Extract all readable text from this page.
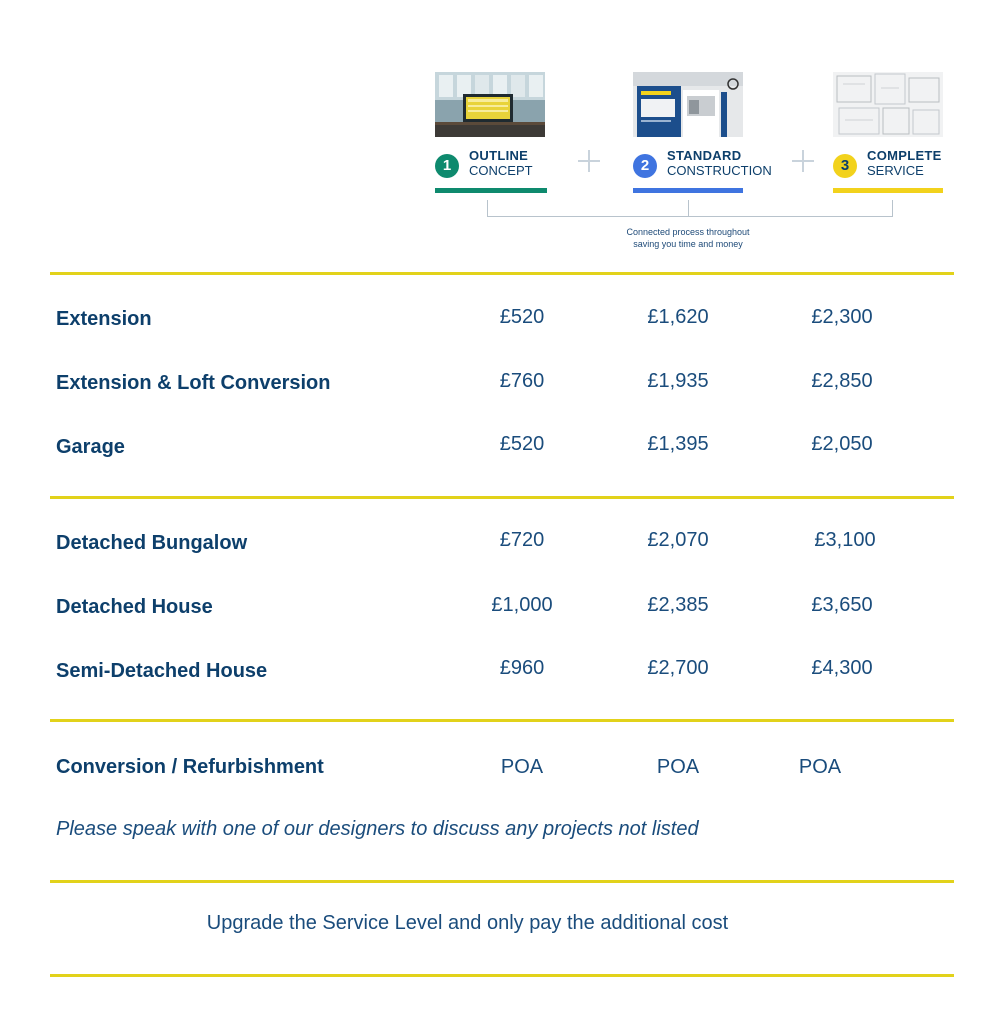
1
OUTLINE
CONCEPT	2
STANDARD
CONSTRUCTION	3
COMPLETE
SERVICE
Connected process throughout
saving you time and money
Extension	£520	£1,620	£2,300
Extension & Loft Conversion	£760	£1,935	£2,850
Garage	£520	£1,395	£2,050
Detached Bungalow	£720	£2,070	£3,100
Detached House	£1,000	£2,385	£3,650
Semi-Detached House	£960	£2,700	£4,300
Conversion / Refurbishment	POA	POA	POA
Please speak with one of our designers to discuss any projects not listed
Upgrade the Service Level and only pay the additional cost
